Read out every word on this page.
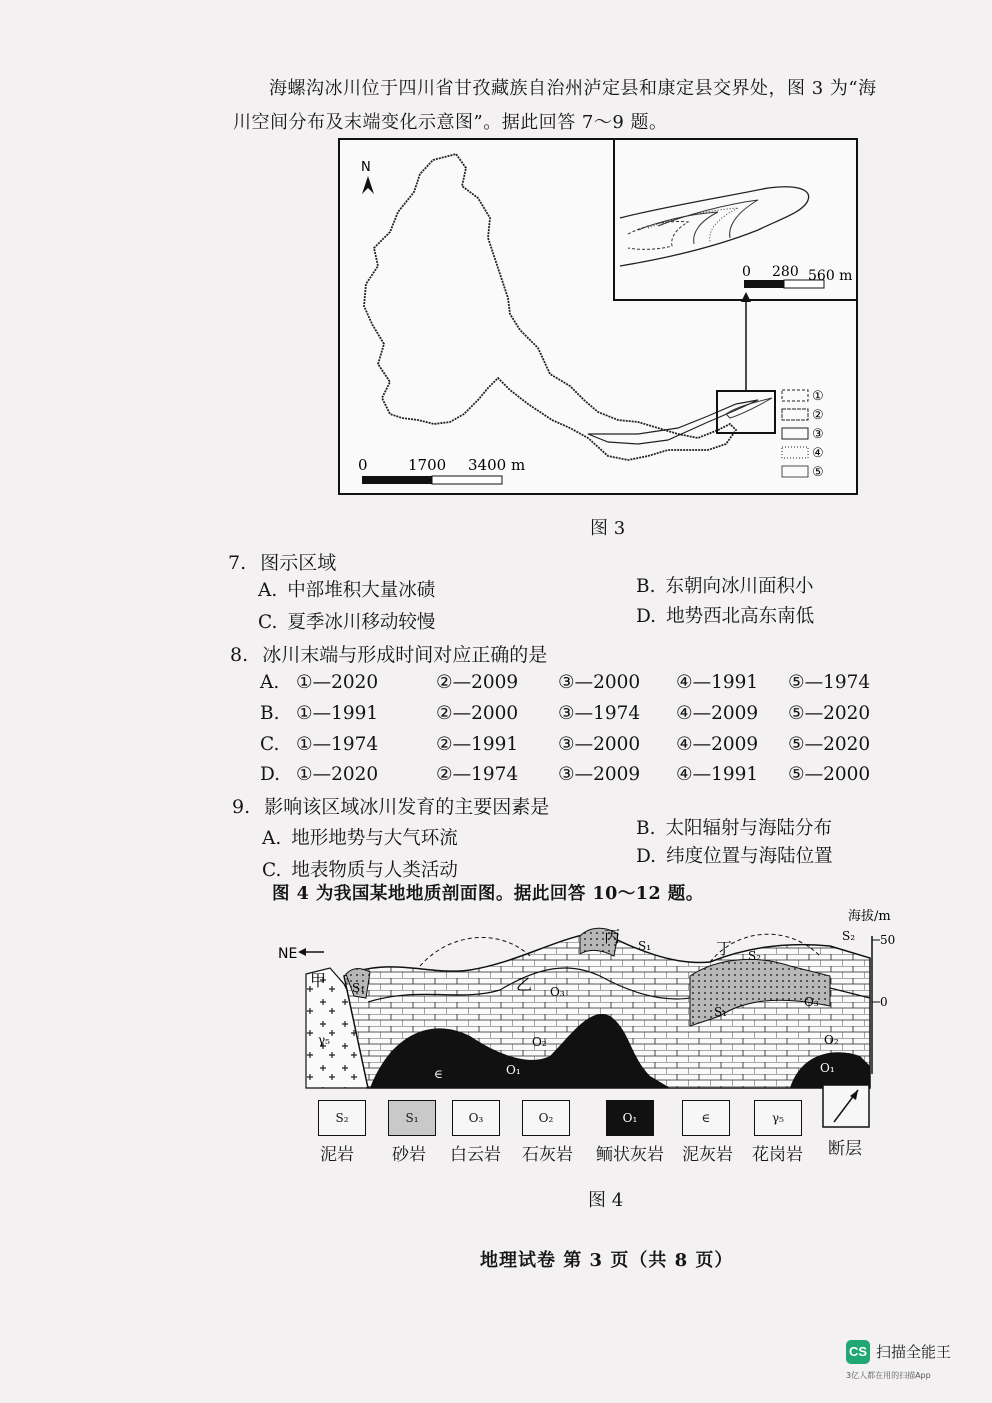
海螺沟冰川位于四川省甘孜藏族自治州泸定县和康定县交界处，图 3 为“海
川空间分布及末端变化示意图”。据此回答 7～9 题。
N
0 280 560 m
0	1700 3400 m
①
②
③
④
⑤
图 3
7. 图示区域
A. 中部堆积大量冰碛	B. 东朝向冰川面积小
C. 夏季冰川移动较慢	D. 地势西北高东南低
8. 冰川末端与形成时间对应正确的是
A. ①—2020	②—2009 ③—2000 ④—1991 ⑤—1974
B. ①—1991	②—2000 ③—1974 ④—2009 ⑤—2020
C. ①—1974	②—1991 ③—2000 ④—2009 ⑤—2020
D. ①—2020	②—1974 ③—2009 ④—1991 ⑤—2000
9. 影响该区域冰川发育的主要因素是
A. 地形地势与大气环流	B. 太阳辐射与海陆分布
C. 地表物质与人类活动
D. 纬度位置与海陆位置
图 4 为我国某地地质剖面图。据此回答 10～12 题。
NE
海拔/m
50
0
甲	乙
丙
丁
S₁
S₁
S₁
S₂
S₂
O₃
O₃
O₂	O₂
O₁	O₁
∈
γ₅
S₂
泥岩
S₁
砂岩
O₃
白云岩
O₂
石灰岩
O₁
鲕状灰岩
∈
泥灰岩
γ₅
花岗岩 断层
图 4
地理试卷 第 3 页（共 8 页）
CS 扫描全能王
3亿人都在用的扫描App
